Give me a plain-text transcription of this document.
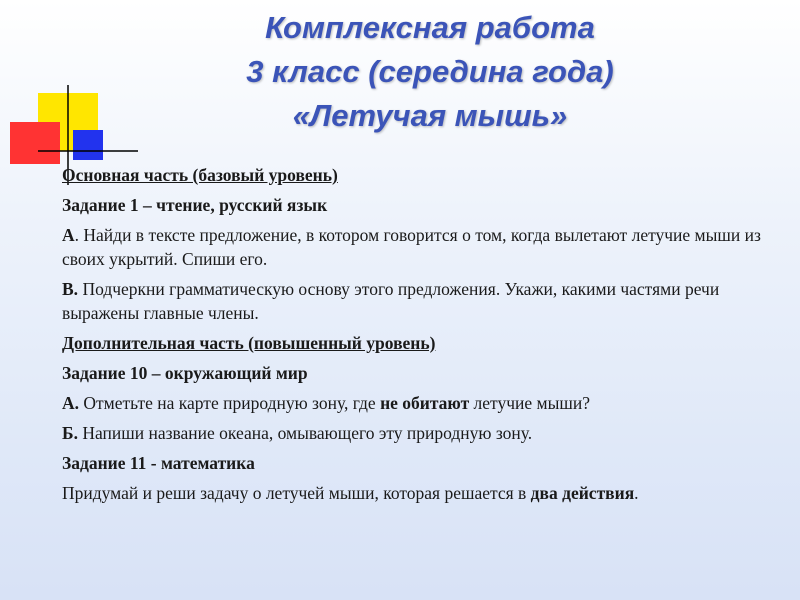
Комплексная работа
3 класс (середина года)
«Летучая мышь»
Основная часть (базовый уровень)
Задание 1 – чтение, русский язык
А. Найди в тексте предложение, в котором говорится о том, когда вылетают летучие мыши из своих укрытий. Спиши его.
В. Подчеркни грамматическую основу этого предложения. Укажи, какими частями речи выражены главные члены.
Дополнительная часть (повышенный уровень)
Задание 10 – окружающий мир
А. Отметьте на карте природную зону, где не обитают летучие мыши?
Б. Напиши название океана, омывающего эту природную зону.
Задание 11 - математика
Придумай и реши задачу о летучей мыши, которая решается в два действия.
